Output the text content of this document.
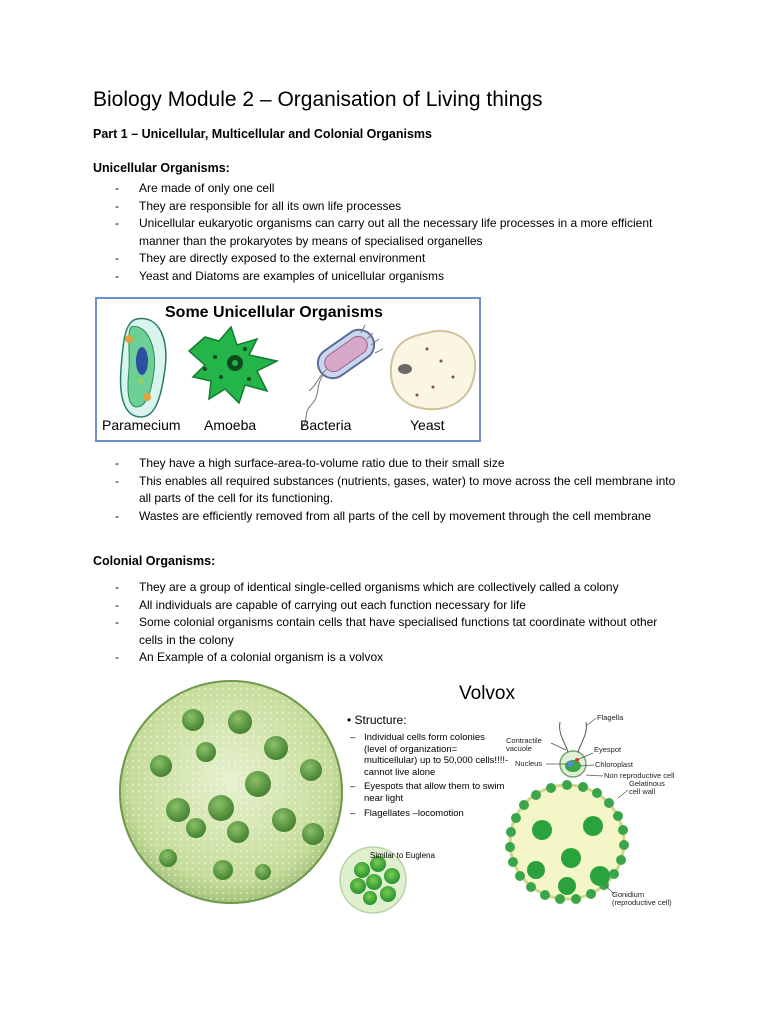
Biology Module 2 – Organisation of Living things
Part 1 – Unicellular, Multicellular and Colonial Organisms
Unicellular Organisms:
- Are made of only one cell
- They are responsible for all its own life processes
- Unicellular eukaryotic organisms can carry out all the necessary life processes in a more efficient manner than the prokaryotes by means of specialised organelles
- They are directly exposed to the external environment
- Yeast and Diatoms are examples of unicellular organisms
Some Unicellular Organisms
Paramecium Amoeba	Bacteria	Yeast
- They have a high surface-area-to-volume ratio due to their small size
- This enables all required substances (nutrients, gases, water) to move across the cell membrane into all parts of the cell for its functioning.
- Wastes are efficiently removed from all parts of the cell by movement through the cell membrane
Colonial Organisms:
- They are a group of identical single-celled organisms which are collectively called a colony
- All individuals are capable of carrying out each function necessary for life
- Some colonial organisms contain cells that have specialised functions tat coordinate without other cells in the colony
- An Example of a colonial organism is a volvox
Volvox
• Structure:
– Individual cells form colonies (level of organization= multicellular) up to 50,000 cells!!!!- cannot live alone
– Eyespots that allow them to swim near light
– Flagellates –locomotion
Similar to Euglena
Flagella
Contractile vacuole	Eyespot
Nucleus	Chloroplast
Non reproductive cell
Gelatinous cell wall
Gonidium (reproductive cell)
